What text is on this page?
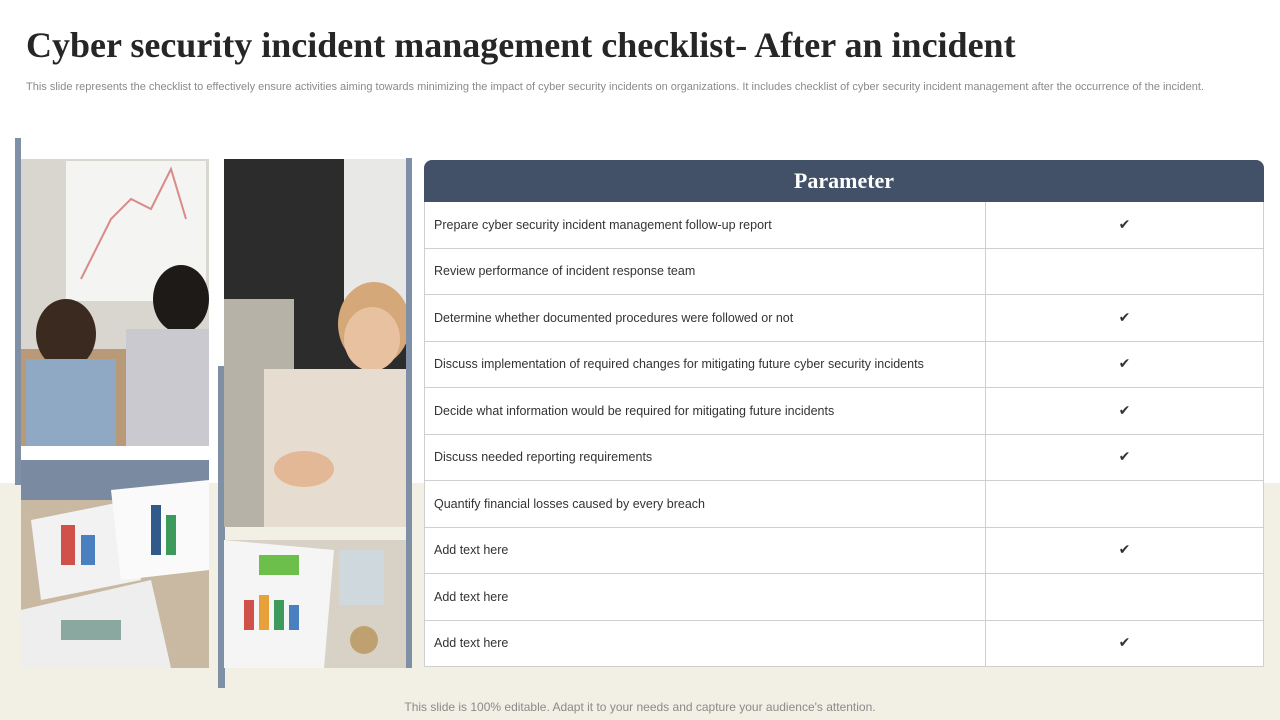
Cyber security incident management checklist- After an incident

This slide represents the checklist to effectively ensure activities aiming towards minimizing the impact of cyber security incidents on organizations. It includes checklist of cyber security incident management after the occurrence of the incident.

Parameter
Prepare cyber security incident management follow-up report	✔
Review performance of incident response team
Determine whether documented procedures were followed or not	✔
Discuss implementation of required changes for mitigating future cyber security incidents	✔
Decide what information would be required for mitigating future incidents	✔
Discuss needed reporting requirements	✔
Quantify financial losses caused by every breach
Add text here	✔
Add text here
Add text here	✔
This slide is 100% editable. Adapt it to your needs and capture your audience's attention.
